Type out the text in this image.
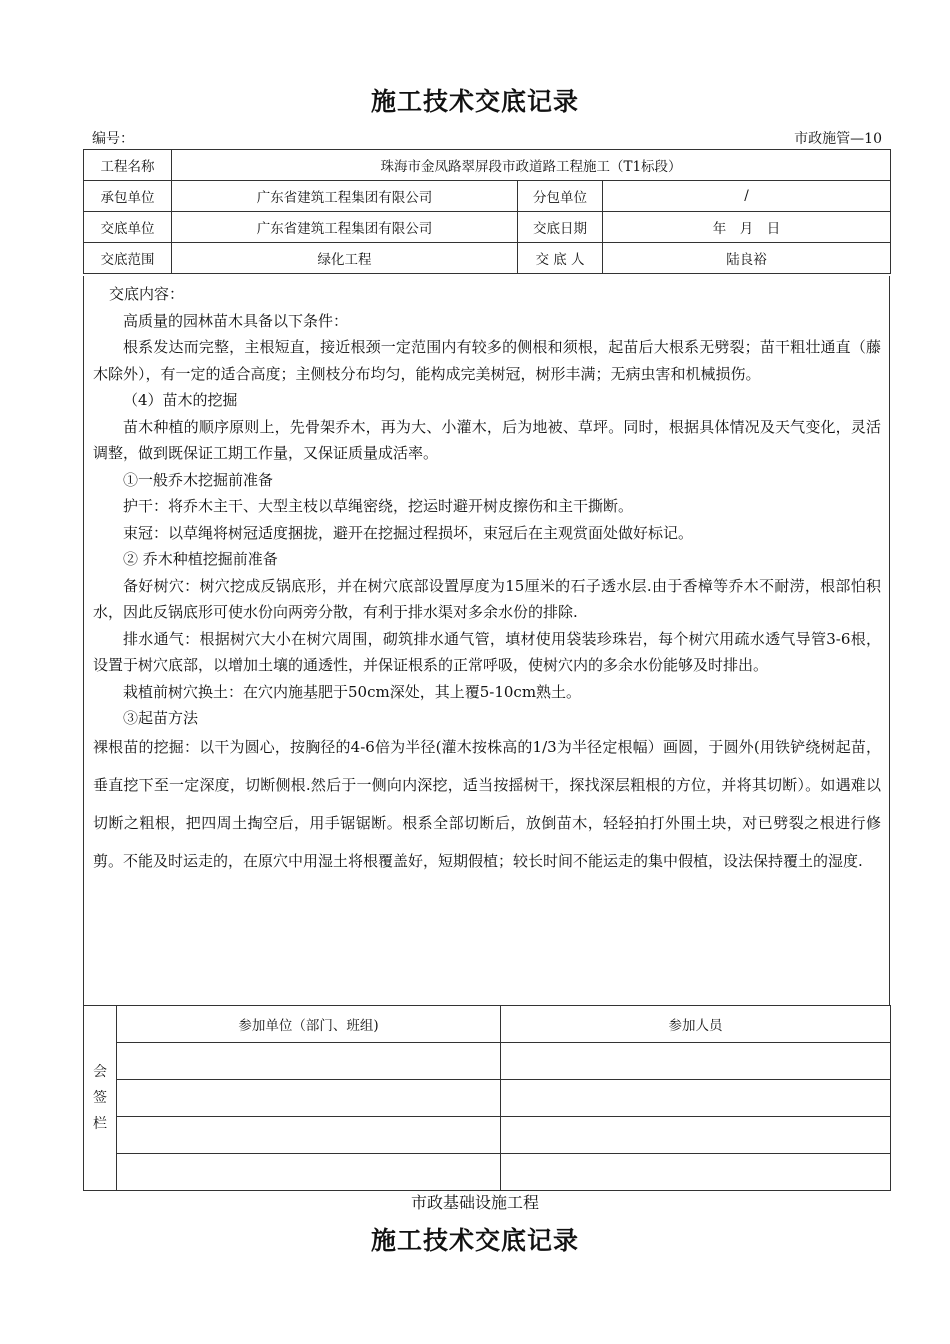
施工技术交底记录
编号：	市政施管—10
工程名称	珠海市金凤路翠屏段市政道路工程施工（T1标段）		
承包单位	广东省建筑工程集团有限公司	分包单位	/
交底单位	广东省建筑工程集团有限公司	交底日期	年　月　日
交底范围	绿化工程	交 底 人	陆良裕

交底内容：

高质量的园林苗木具备以下条件：

根系发达而完整，主根短直，接近根颈一定范围内有较多的侧根和须根，起苗后大根系无劈裂；苗干粗壮通直（藤木除外），有一定的适合高度；主侧枝分布均匀，能构成完美树冠，树形丰满；无病虫害和机械损伤。

（4）苗木的挖掘

苗木种植的顺序原则上，先骨架乔木，再为大、小灌木，后为地被、草坪。同时，根据具体情况及天气变化，灵活调整，做到既保证工期工作量，又保证质量成活率。

①一般乔木挖掘前准备

护干：将乔木主干、大型主枝以草绳密绕，挖运时避开树皮擦伤和主干撕断。

束冠：以草绳将树冠适度捆拢，避开在挖掘过程损坏，束冠后在主观赏面处做好标记。

② 乔木种植挖掘前准备

备好树穴：树穴挖成反锅底形，并在树穴底部设置厚度为15厘米的石子透水层.由于香樟等乔木不耐涝，根部怕积水，因此反锅底形可使水份向两旁分散，有利于排水渠对多余水份的排除.

排水通气：根据树穴大小在树穴周围，砌筑排水通气管，填材使用袋装珍珠岩，每个树穴用疏水透气导管3-6根，设置于树穴底部，以增加土壤的通透性，并保证根系的正常呼吸，使树穴内的多余水份能够及时排出。

栽植前树穴换土：在穴内施基肥于50cm深处，其上覆5-10cm熟土。

③起苗方法

裸根苗的挖掘：以干为圆心，按胸径的4-6倍为半径(灌木按株高的1/3为半径定根幅）画圆，于圆外(用铁铲绕树起苗，垂直挖下至一定深度，切断侧根.然后于一侧向内深挖，适当按摇树干，探找深层粗根的方位，并将其切断）。如遇难以切断之粗根，把四周土掏空后，用手锯锯断。根系全部切断后，放倒苗木，轻轻拍打外围土块，对已劈裂之根进行修剪。不能及时运走的，在原穴中用湿土将根覆盖好，短期假植；较长时间不能运走的集中假植，设法保持覆土的湿度.

会
签
栏	参加单位（部门、班组)	参加人员

市政基础设施工程
施工技术交底记录
